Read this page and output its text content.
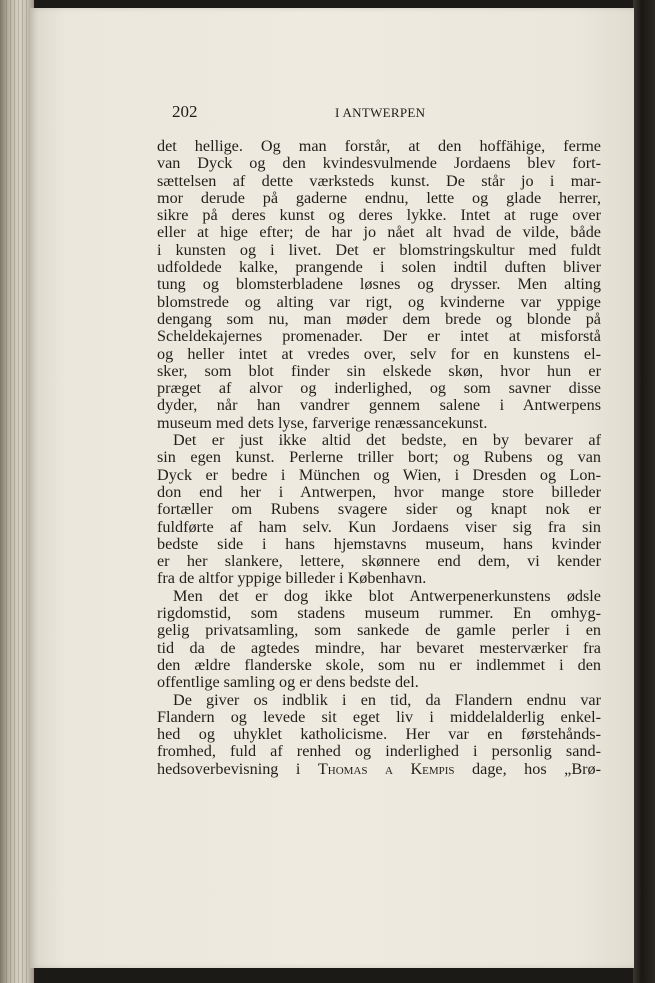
202	I ANTWERPEN
det hellige. Og man forstår, at den hoffähige, ferme
van Dyck og den kvindesvulmende Jordaens blev fort-
sættelsen af dette værksteds kunst. De står jo i mar-
mor derude på gaderne endnu, lette og glade herrer,
sikre på deres kunst og deres lykke. Intet at ruge over
eller at hige efter; de har jo nået alt hvad de vilde, både
i kunsten og i livet. Det er blomstringskultur med fuldt
udfoldede kalke, prangende i solen indtil duften bliver
tung og blomsterbladene løsnes og drysser. Men alting
blomstrede og alting var rigt, og kvinderne var yppige
dengang som nu, man møder dem brede og blonde på
Scheldekajernes promenader. Der er intet at misforstå
og heller intet at vredes over, selv for en kunstens el-
sker, som blot finder sin elskede skøn, hvor hun er
præget af alvor og inderlighed, og som savner disse
dyder, når han vandrer gennem salene i Antwerpens
museum med dets lyse, farverige renæssancekunst.
Det er just ikke altid det bedste, en by bevarer af
sin egen kunst. Perlerne triller bort; og Rubens og van
Dyck er bedre i München og Wien, i Dresden og Lon-
don end her i Antwerpen, hvor mange store billeder
fortæller om Rubens svagere sider og knapt nok er
fuldførte af ham selv. Kun Jordaens viser sig fra sin
bedste side i hans hjemstavns museum, hans kvinder
er her slankere, lettere, skønnere end dem, vi kender
fra de altfor yppige billeder i København.
Men det er dog ikke blot Antwerpenerkunstens ødsle
rigdomstid, som stadens museum rummer. En omhyg-
gelig privatsamling, som sankede de gamle perler i en
tid da de agtedes mindre, har bevaret mesterværker fra
den ældre flanderske skole, som nu er indlemmet i den
offentlige samling og er dens bedste del.
De giver os indblik i en tid, da Flandern endnu var
Flandern og levede sit eget liv i middelalderlig enkel-
hed og uhyklet katholicisme. Her var en førstehånds-
fromhed, fuld af renhed og inderlighed i personlig sand-
hedsoverbevisning i Thomas a Kempis dage, hos „Brø-
